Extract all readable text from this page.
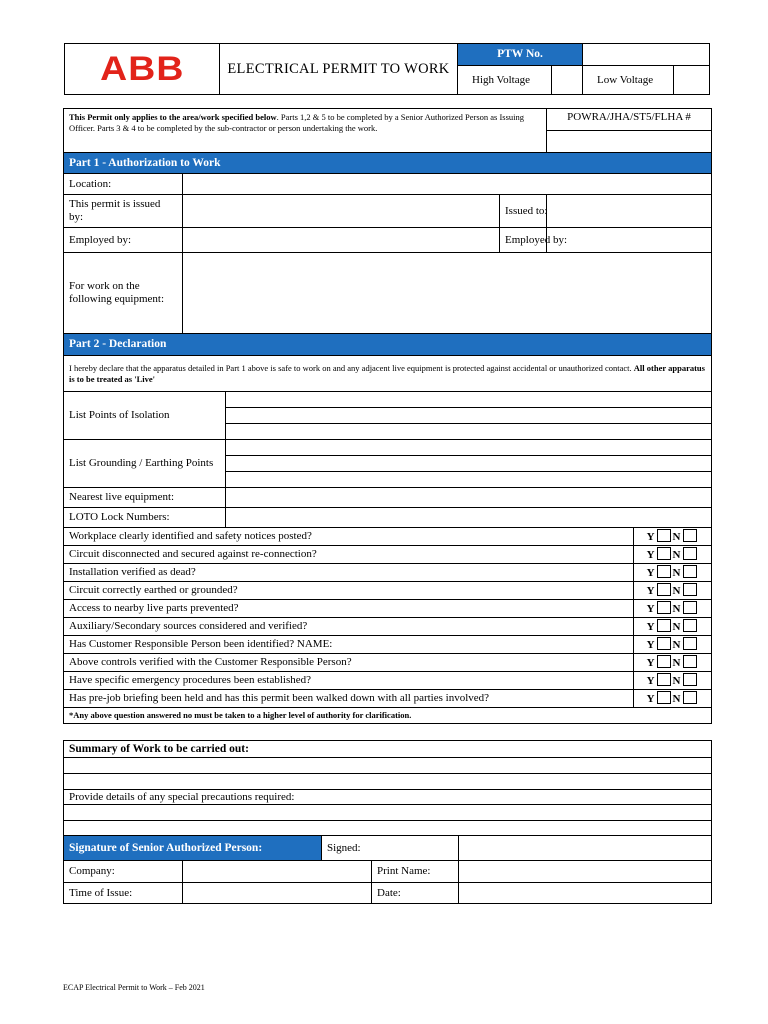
ABB	ELECTRICAL PERMIT TO WORK	PTW No.	

High Voltage	Low Voltage
This Permit only applies to the area/work specified below. Parts 1,2 & 5 to be completed by a Senior Authorized Person as Issuing Officer. Parts 3 & 4 to be completed by the sub-contractor or person undertaking the work.				POWRA/JHA/ST5/FLHA #	

Part 1 - Authorization to Work					
Location:					
This permit is issued by:			Issued to:		
Employed by:			Employed by:		
For work on the following equipment:					
Part 2 - Declaration					
I hereby declare that the apparatus detailed in Part 1 above is safe to work on and any adjacent live equipment is protected against accidental or unauthorized contact. All other apparatus is to be treated as 'Live'					
List Points of Isolation					

List Grounding / Earthing Points					

Nearest live equipment:					
LOTO Lock Numbers:					
Workplace clearly identified and safety notices posted?					Y N
Circuit disconnected and secured against re-connection?					Y N
Installation verified as dead?					Y N
Circuit correctly earthed or grounded?					Y N
Access to nearby live parts prevented?					Y N
Auxiliary/Secondary sources considered and verified?					Y N
Has Customer Responsible Person been identified? NAME:					Y N
Above controls verified with the Customer Responsible Person?					Y N
Have specific emergency procedures been established?					Y N
Has pre-job briefing been held and has this permit been walked down with all parties involved?					Y N
*Any above question answered no must be taken to a higher level of authority for clarification.					
Summary of Work to be carried out:				

Provide details of any special precautions required:				

Signature of Senior Authorized Person:		Signed:		
Company:			Print Name:	
Time of Issue:			Date:	
ECAP Electrical Permit to Work – Feb 2021
